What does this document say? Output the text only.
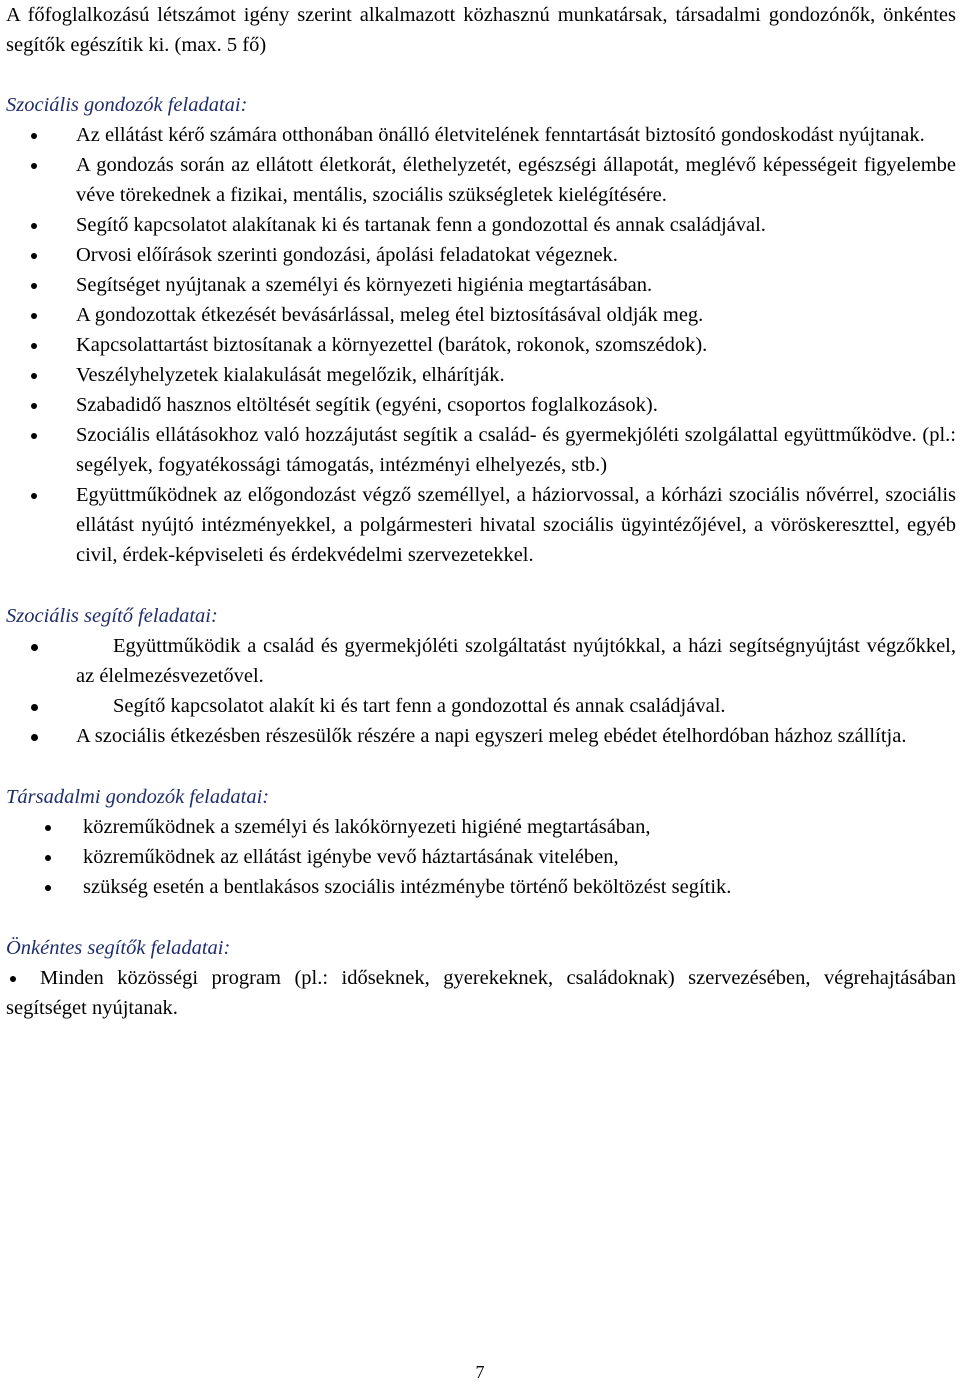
A főfoglalkozású létszámot igény szerint alkalmazott közhasznú munkatársak, társadalmi gondozónők, önkéntes segítők egészítik ki. (max. 5 fő)

Szociális gondozók feladatai:

Az ellátást kérő számára otthonában önálló életvitelének fenntartását biztosító gondoskodást nyújtanak.
A gondozás során az ellátott életkorát, élethelyzetét, egészségi állapotát, meglévő képességeit figyelembe véve törekednek a fizikai, mentális, szociális szükségletek kielégítésére.
Segítő kapcsolatot alakítanak ki és tartanak fenn a gondozottal és annak családjával.
Orvosi előírások szerinti gondozási, ápolási feladatokat végeznek.
Segítséget nyújtanak a személyi és környezeti higiénia megtartásában.
A gondozottak étkezését bevásárlással, meleg étel biztosításával oldják meg.
Kapcsolattartást biztosítanak a környezettel (barátok, rokonok, szomszédok).
Veszélyhelyzetek kialakulását megelőzik, elhárítják.
Szabadidő hasznos eltöltését segítik (egyéni, csoportos foglalkozások).
Szociális ellátásokhoz való hozzájutást segítik a család- és gyermekjóléti szolgálattal együttműködve. (pl.: segélyek, fogyatékossági támogatás, intézményi elhelyezés, stb.)
Együttműködnek az előgondozást végző személlyel, a háziorvossal, a kórházi szociális nővérrel, szociális ellátást nyújtó intézményekkel, a polgármesteri hivatal szociális ügyintézőjével, a vöröskereszttel, egyéb civil, érdek-képviseleti és érdekvédelmi szervezetekkel.

Szociális segítő feladatai:

Együttműködik a család és gyermekjóléti szolgáltatást nyújtókkal, a házi segítségnyújtást végzőkkel, az élelmezésvezetővel.
Segítő kapcsolatot alakít ki és tart fenn a gondozottal és annak családjával.
A szociális étkezésben részesülők részére a napi egyszeri meleg ebédet ételhordóban házhoz szállítja.

Társadalmi gondozók feladatai:

közreműködnek a személyi és lakókörnyezeti higiéné megtartásában,
közreműködnek az ellátást igénybe vevő háztartásának vitelében,
szükség esetén a bentlakásos szociális intézménybe történő beköltözést segítik.

Önkéntes segítők feladatai:

Minden közösségi program (pl.: időseknek, gyerekeknek, családoknak) szervezésében, végrehajtásában segítséget nyújtanak.
7
